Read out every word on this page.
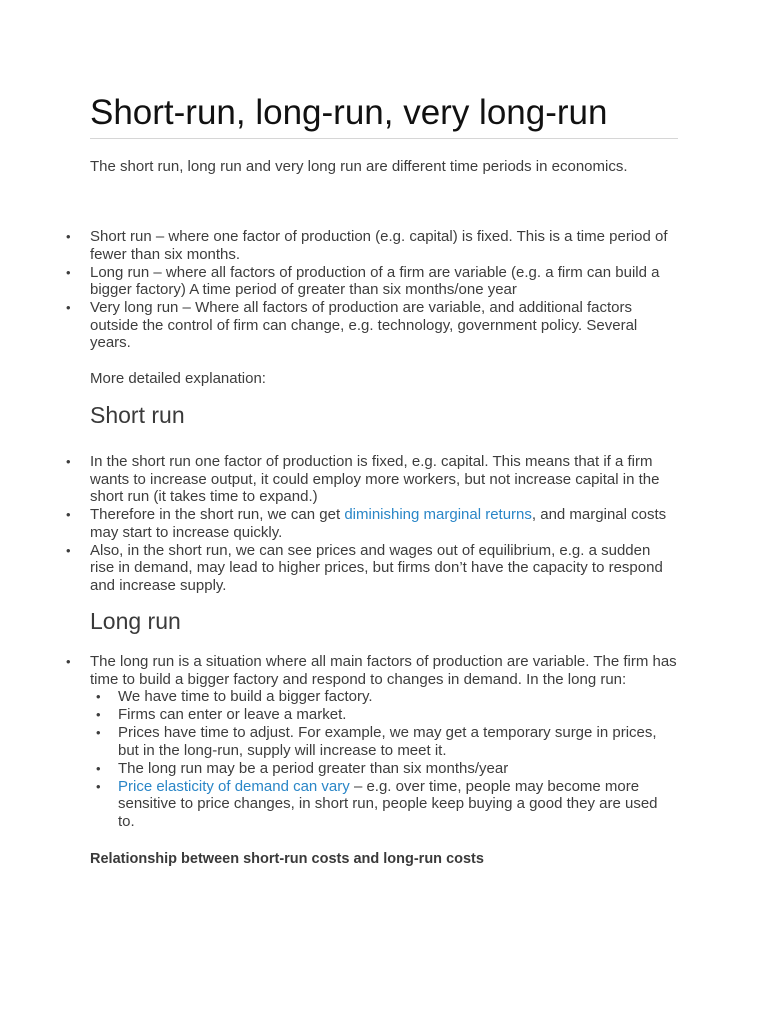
Short-run, long-run, very long-run

The short run, long run and very long run are different time periods in economics.

• Short run – where one factor of production (e.g. capital) is fixed. This is a time period of fewer than six months.
• Long run – where all factors of production of a firm are variable (e.g. a firm can build a bigger factory) A time period of greater than six months/one year
• Very long run – Where all factors of production are variable, and additional factors outside the control of firm can change, e.g. technology, government policy. Several years.

More detailed explanation:

Short run
• In the short run one factor of production is fixed, e.g. capital. This means that if a firm wants to increase output, it could employ more workers, but not increase capital in the short run (it takes time to expand.)
• Therefore in the short run, we can get diminishing marginal returns, and marginal costs may start to increase quickly.
• Also, in the short run, we can see prices and wages out of equilibrium, e.g. a sudden rise in demand, may lead to higher prices, but firms don’t have the capacity to respond and increase supply.
Long run
• The long run is a situation where all main factors of production are variable. The firm has time to build a bigger factory and respond to changes in demand. In the long run:
• We have time to build a bigger factory.
• Firms can enter or leave a market.
• Prices have time to adjust. For example, we may get a temporary surge in prices, but in the long-run, supply will increase to meet it.
• The long run may be a period greater than six months/year
• Price elasticity of demand can vary – e.g. over time, people may become more sensitive to price changes, in short run, people keep buying a good they are used to.

Relationship between short-run costs and long-run costs
